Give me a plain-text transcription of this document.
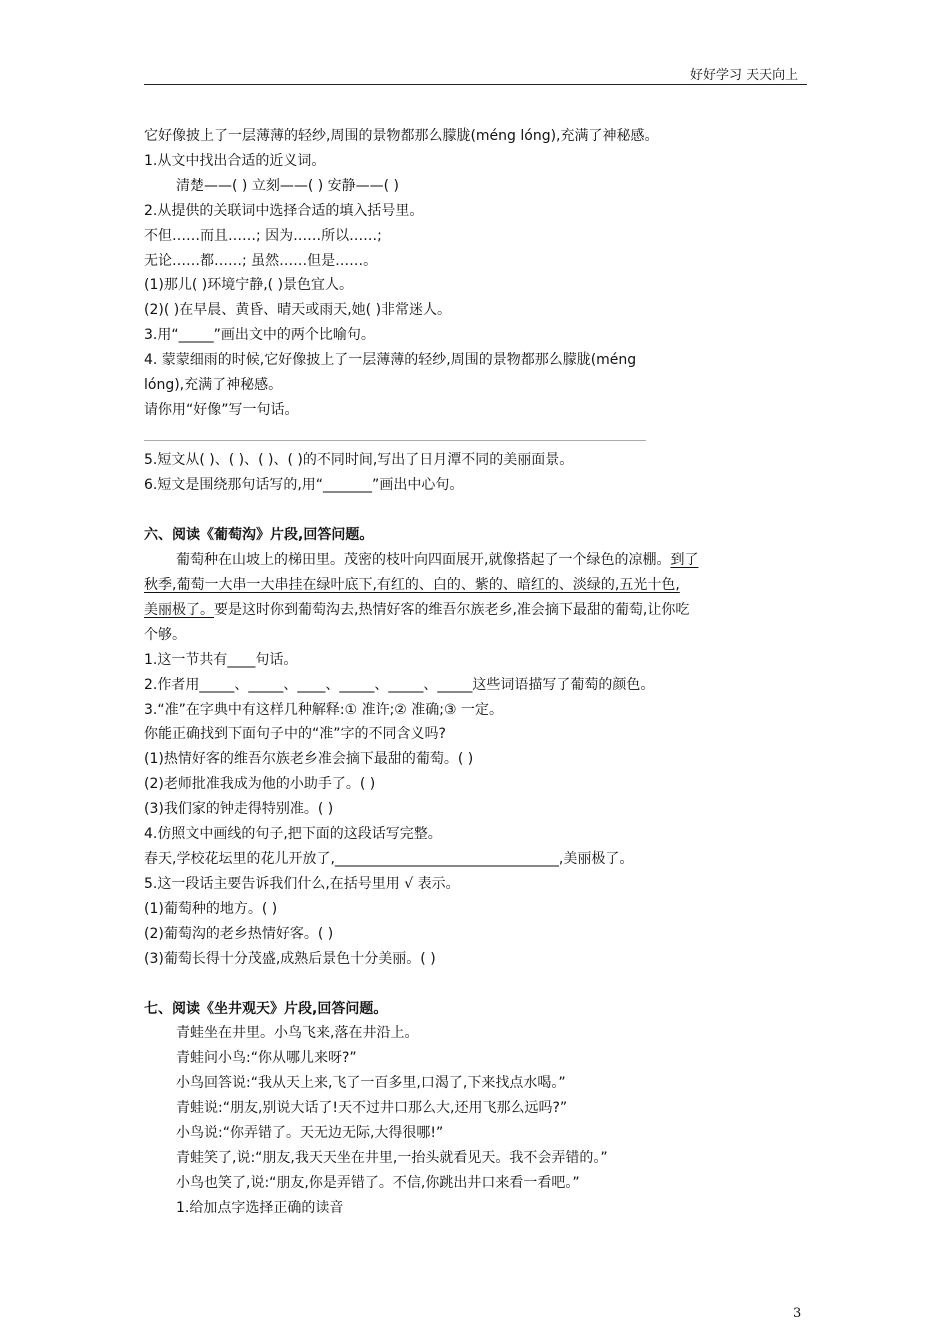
好好学习 天天向上
它好像披上了一层薄薄的轻纱,周围的景物都那么朦胧(méng lóng),充满了神秘感。
1.从文中找出合适的近义词。
清楚——( ) 立刻——( ) 安静——( )
2.从提供的关联词中选择合适的填入括号里。
不但……而且……; 因为……所以……;
无论……都……; 虽然……但是……。
(1)那儿( )环境宁静,( )景色宜人。
(2)( )在早晨、黄昏、晴天或雨天,她( )非常迷人。
3.用“_____”画出文中的两个比喻句。
4. 蒙蒙细雨的时候,它好像披上了一层薄薄的轻纱,周围的景物都那么朦胧(méng
lóng),充满了神秘感。
请你用“好像”写一句话。
5.短文从( )、( )、( )、( )的不同时间,写出了日月潭不同的美丽面景。
6.短文是围绕那句话写的,用“_______”画出中心句。
六、阅读《葡萄沟》片段,回答问题。
葡萄种在山坡上的梯田里。茂密的枝叶向四面展开,就像搭起了一个绿色的凉棚。到了
秋季,葡萄一大串一大串挂在绿叶底下,有红的、白的、紫的、暗红的、淡绿的,五光十色,
美丽极了。要是这时你到葡萄沟去,热情好客的维吾尔族老乡,准会摘下最甜的葡萄,让你吃
个够。
1.这一节共有____句话。
2.作者用_____、_____、____、_____、_____、_____这些词语描写了葡萄的颜色。
3.“准”在字典中有这样几种解释:① 准许;② 准确;③ 一定。
你能正确找到下面句子中的“准”字的不同含义吗?
(1)热情好客的维吾尔族老乡准会摘下最甜的葡萄。( )
(2)老师批准我成为他的小助手了。( )
(3)我们家的钟走得特别准。( )
4.仿照文中画线的句子,把下面的这段话写完整。
春天,学校花坛里的花儿开放了,________________________________,美丽极了。
5.这一段话主要告诉我们什么,在括号里用 √ 表示。
(1)葡萄种的地方。( )
(2)葡萄沟的老乡热情好客。( )
(3)葡萄长得十分茂盛,成熟后景色十分美丽。( )
七、阅读《坐井观天》片段,回答问题。
青蛙坐在井里。小鸟飞来,落在井沿上。
青蛙问小鸟:“你从哪儿来呀?”
小鸟回答说:“我从天上来,飞了一百多里,口渴了,下来找点水喝。”
青蛙说:“朋友,别说大话了!天不过井口那么大,还用飞那么远吗?”
小鸟说:“你弄错了。天无边无际,大得很哪!”
青蛙笑了,说:“朋友,我天天坐在井里,一抬头就看见天。我不会弄错的。”
小鸟也笑了,说:“朋友,你是弄错了。不信,你跳出井口来看一看吧。”
1.给加点字选择正确的读音
3
